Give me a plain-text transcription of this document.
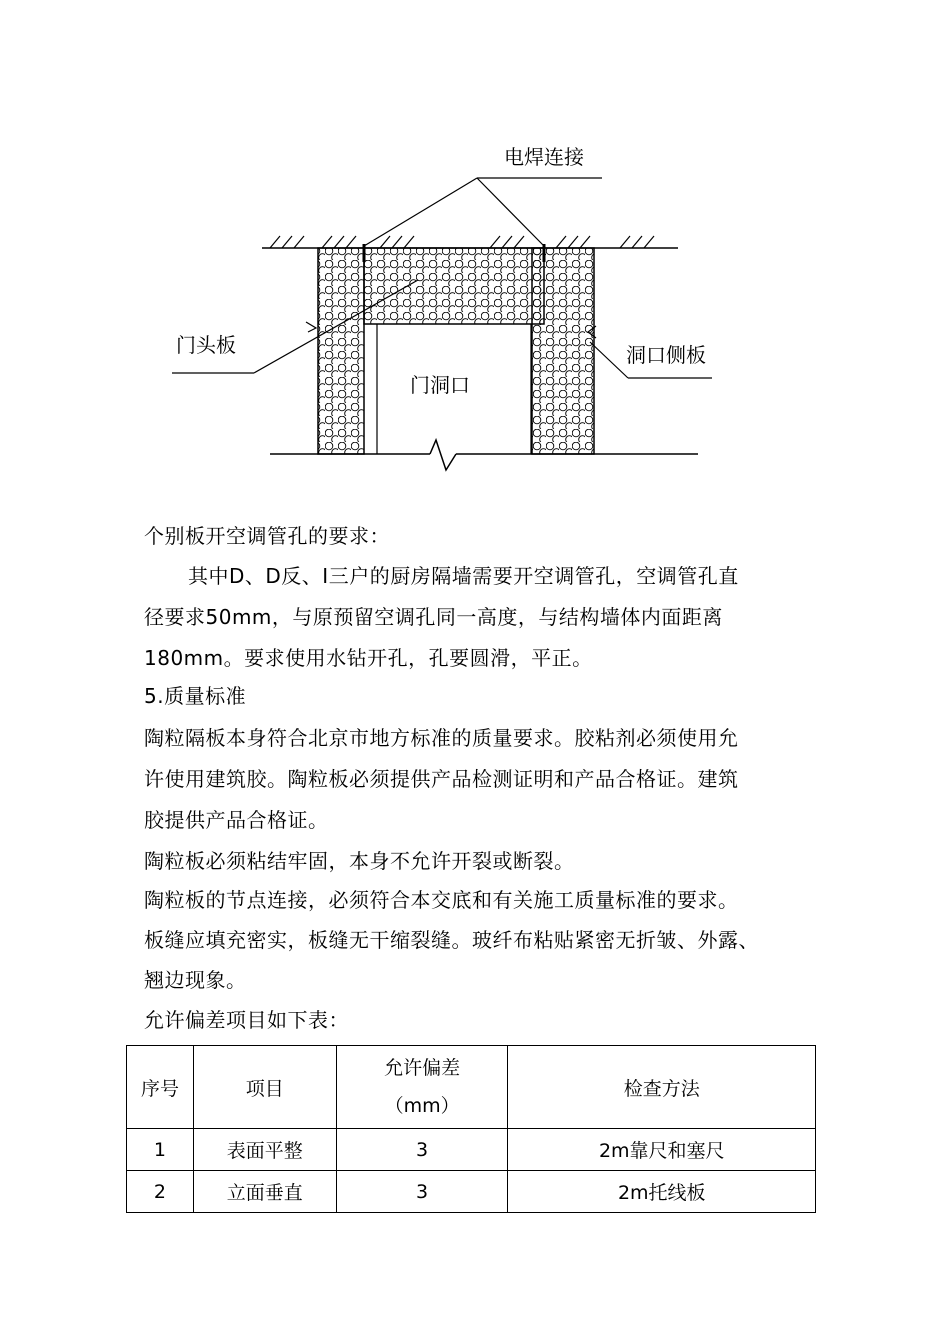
电焊连接
门头板	洞口侧板
门洞口

个别板开空调管孔的要求：

其中D、D反、Ⅰ三户的厨房隔墙需要开空调管孔，空调管孔直

径要求50mm，与原预留空调孔同一高度，与结构墙体内面距离

180mm。要求使用水钻开孔，孔要圆滑，平正。

5.质量标准

陶粒隔板本身符合北京市地方标准的质量要求。胶粘剂必须使用允

许使用建筑胶。陶粒板必须提供产品检测证明和产品合格证。建筑

胶提供产品合格证。

陶粒板必须粘结牢固，本身不允许开裂或断裂。

陶粒板的节点连接，必须符合本交底和有关施工质量标准的要求。

板缝应填充密实，板缝无干缩裂缝。玻纤布粘贴紧密无折皱、外露、

翘边现象。

允许偏差项目如下表：

序号	项目	允许偏差
（mm）	检查方法
1	表面平整	3	2m靠尺和塞尺
2	立面垂直	3	2m托线板
